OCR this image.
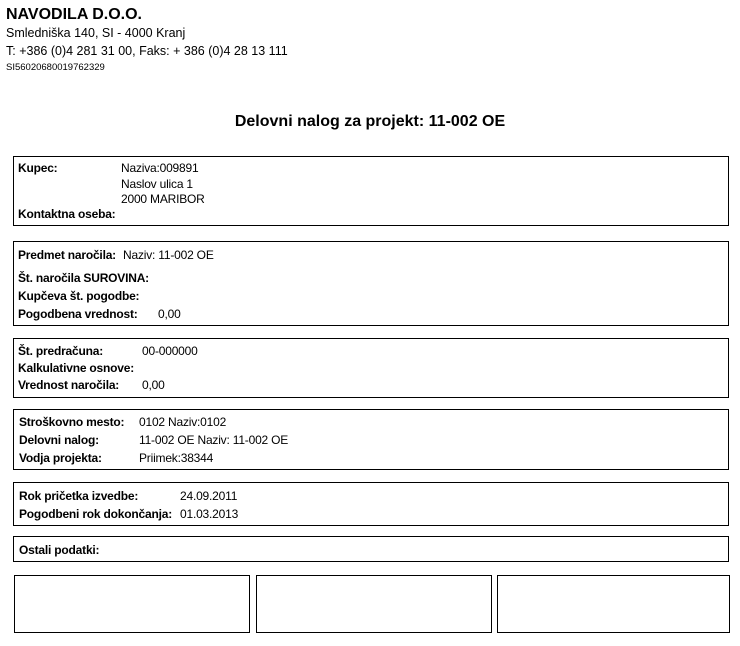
NAVODILA D.O.O.
Smledniška 140, SI - 4000 Kranj
T: +386 (0)4 281 31 00, Faks: + 386 (0)4 28 13 111
SI56020680019762329
Delovni nalog za projekt: 11-002 OE
Kupec:	Naziva:009891
Naslov ulica 1
2000 MARIBOR
Kontaktna oseba:
Predmet naročila: Naziv: 11-002 OE
Št. naročila SUROVINA:
Kupčeva št. pogodbe:
Pogodbena vrednost: 0,00
Št. predračuna:	00-000000
Kalkulativne osnove:
Vrednost naročila: 0,00
Stroškovno mesto: 0102 Naziv:0102
Delovni nalog:	11-002 OE Naziv: 11-002 OE
Vodja projekta:	Priimek:38344
Rok pričetka izvedbe:	24.09.2011
Pogodbeni rok dokončanja: 01.03.2013
Ostali podatki:
